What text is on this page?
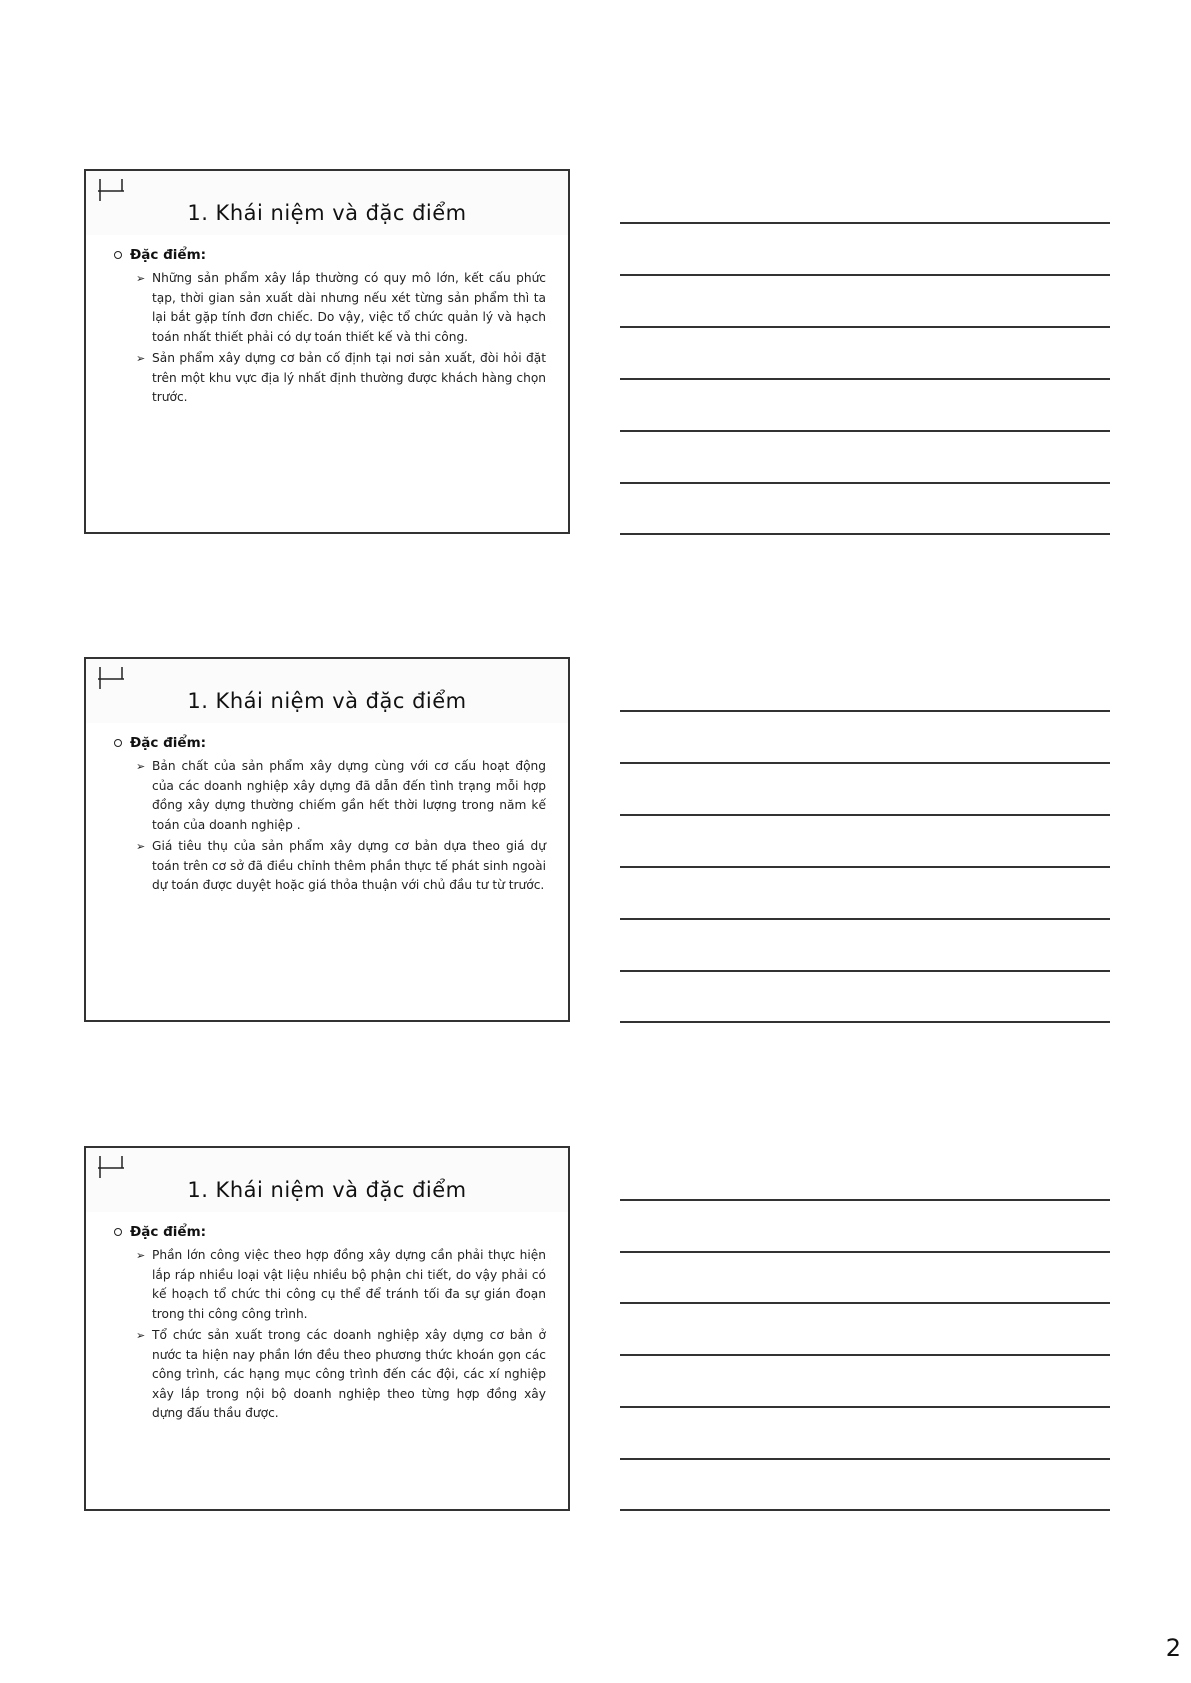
1. Khái niệm và đặc điểm
Đặc điểm:
➢ Những sản phẩm xây lắp thường có quy mô lớn, kết cấu phức tạp, thời gian sản xuất dài nhưng nếu xét từng sản phẩm thì ta lại bắt gặp tính đơn chiếc. Do vậy, việc tổ chức quản lý và hạch toán nhất thiết phải có dự toán thiết kế và thi công.
➢ Sản phẩm xây dựng cơ bản cố định tại nơi sản xuất, đòi hỏi đặt trên một khu vực địa lý nhất định thường được khách hàng chọn trước.
1. Khái niệm và đặc điểm
Đặc điểm:
➢ Bản chất của sản phẩm xây dựng cùng với cơ cấu hoạt động của các doanh nghiệp xây dựng đã dẫn đến tình trạng mỗi hợp đồng xây dựng thường chiếm gần hết thời lượng trong năm kế toán của doanh nghiệp .
➢ Giá tiêu thụ của sản phẩm xây dựng cơ bản dựa theo giá dự toán trên cơ sở đã điều chỉnh thêm phần thực tế phát sinh ngoài dự toán được duyệt hoặc giá thỏa thuận với chủ đầu tư từ trước.
1. Khái niệm và đặc điểm
Đặc điểm:
➢ Phần lớn công việc theo hợp đồng xây dựng cần phải thực hiện lắp ráp nhiều loại vật liệu nhiều bộ phận chi tiết, do vậy phải có kế hoạch tổ chức thi công cụ thể để tránh tối đa sự gián đoạn trong thi công công trình.
➢ Tổ chức sản xuất trong các doanh nghiệp xây dựng cơ bản ở nước ta hiện nay phần lớn đều theo phương thức khoán gọn các công trình, các hạng mục công trình đến các đội, các xí nghiệp xây lắp trong nội bộ doanh nghiệp theo từng hợp đồng xây dựng đấu thầu được.
2
